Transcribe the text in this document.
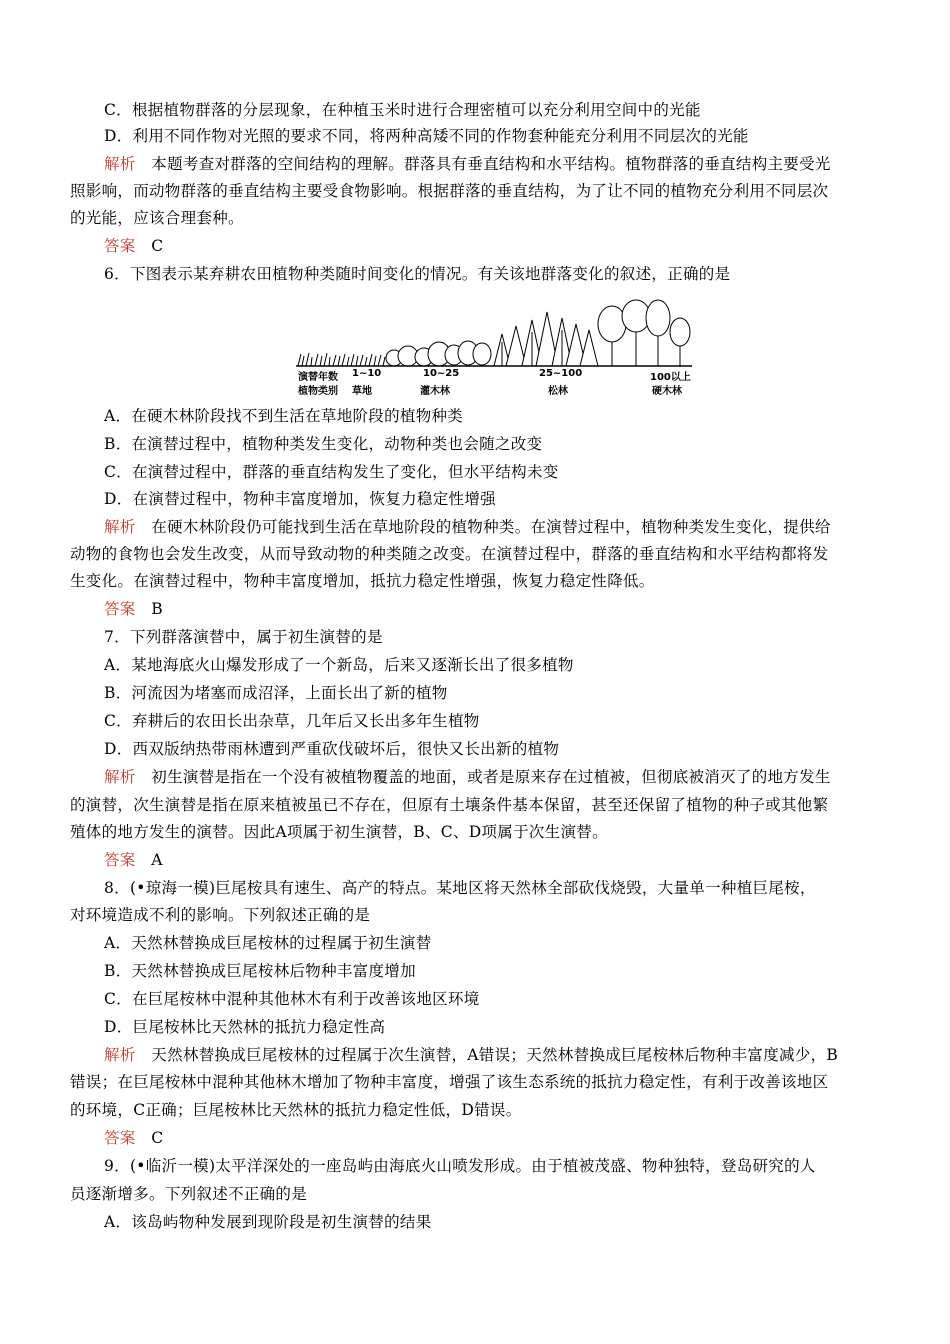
C．根据植物群落的分层现象，在种植玉米时进行合理密植可以充分利用空间中的光能
D．利用不同作物对光照的要求不同，将两种高矮不同的作物套种能充分利用不同层次的光能
解析 本题考查对群落的空间结构的理解。群落具有垂直结构和水平结构。植物群落的垂直结构主要受光
照影响，而动物群落的垂直结构主要受食物影响。根据群落的垂直结构，为了让不同的植物充分利用不同层次
的光能，应该合理套种。
答案 C
6．下图表示某弃耕农田植物种类随时间变化的情况。有关该地群落变化的叙述，正确的是
演替年数
植物类别
1~10
草地
10~25
灌木林
25~100
松林
100以上
硬木林
A．在硬木林阶段找不到生活在草地阶段的植物种类
B．在演替过程中，植物种类发生变化，动物种类也会随之改变
C．在演替过程中，群落的垂直结构发生了变化，但水平结构未变
D．在演替过程中，物种丰富度增加，恢复力稳定性增强
解析 在硬木林阶段仍可能找到生活在草地阶段的植物种类。在演替过程中，植物种类发生变化，提供给
动物的食物也会发生改变，从而导致动物的种类随之改变。在演替过程中，群落的垂直结构和水平结构都将发
生变化。在演替过程中，物种丰富度增加，抵抗力稳定性增强，恢复力稳定性降低。
答案 B
7．下列群落演替中，属于初生演替的是
A．某地海底火山爆发形成了一个新岛，后来又逐渐长出了很多植物
B．河流因为堵塞而成沼泽，上面长出了新的植物
C．弃耕后的农田长出杂草，几年后又长出多年生植物
D．西双版纳热带雨林遭到严重砍伐破坏后，很快又长出新的植物
解析 初生演替是指在一个没有被植物覆盖的地面，或者是原来存在过植被，但彻底被消灭了的地方发生
的演替，次生演替是指在原来植被虽已不存在，但原有土壤条件基本保留，甚至还保留了植物的种子或其他繁
殖体的地方发生的演替。因此A项属于初生演替，B、C、D项属于次生演替。
答案 A
8．(•琼海一模)巨尾桉具有速生、高产的特点。某地区将天然林全部砍伐烧毁，大量单一种植巨尾桉，
对环境造成不利的影响。下列叙述正确的是
A．天然林替换成巨尾桉林的过程属于初生演替
B．天然林替换成巨尾桉林后物种丰富度增加
C．在巨尾桉林中混种其他林木有利于改善该地区环境
D．巨尾桉林比天然林的抵抗力稳定性高
解析 天然林替换成巨尾桉林的过程属于次生演替，A错误；天然林替换成巨尾桉林后物种丰富度减少，B
错误；在巨尾桉林中混种其他林木增加了物种丰富度，增强了该生态系统的抵抗力稳定性，有利于改善该地区
的环境，C正确；巨尾桉林比天然林的抵抗力稳定性低，D错误。
答案 C
9．(•临沂一模)太平洋深处的一座岛屿由海底火山喷发形成。由于植被茂盛、物种独特，登岛研究的人
员逐渐增多。下列叙述不正确的是
A．该岛屿物种发展到现阶段是初生演替的结果
